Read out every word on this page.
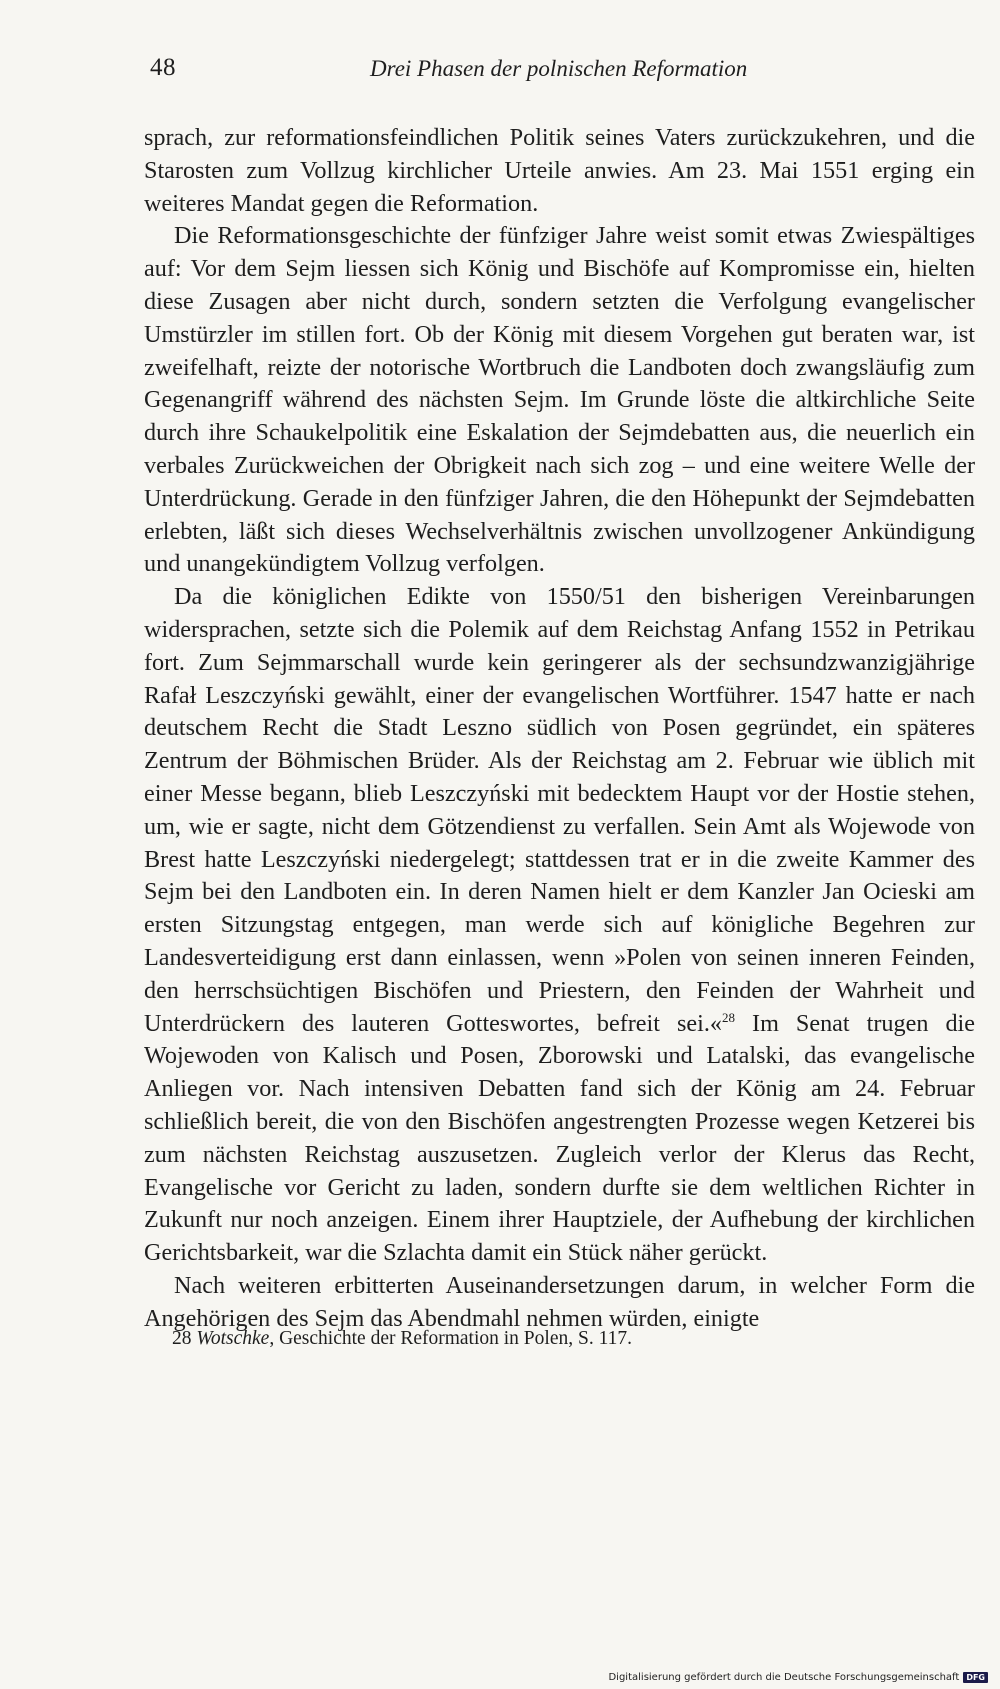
48	Drei Phasen der polnischen Reformation

sprach, zur reformationsfeindlichen Politik seines Vaters zurückzukehren, und die Starosten zum Vollzug kirchlicher Urteile anwies. Am 23. Mai 1551 erging ein weiteres Mandat gegen die Reformation.

Die Reformationsgeschichte der fünfziger Jahre weist somit etwas Zwiespältiges auf: Vor dem Sejm liessen sich König und Bischöfe auf Kompromisse ein, hielten diese Zusagen aber nicht durch, sondern setzten die Verfolgung evangelischer Umstürzler im stillen fort. Ob der König mit diesem Vorgehen gut beraten war, ist zweifelhaft, reizte der notorische Wortbruch die Landboten doch zwangsläufig zum Gegenangriff während des nächsten Sejm. Im Grunde löste die altkirchliche Seite durch ihre Schaukelpolitik eine Eskalation der Sejmdebatten aus, die neuerlich ein verbales Zurückweichen der Obrigkeit nach sich zog – und eine weitere Welle der Unterdrückung. Gerade in den fünfziger Jahren, die den Höhepunkt der Sejmdebatten erlebten, läßt sich dieses Wechselverhältnis zwischen unvollzogener Ankündigung und unangekündigtem Vollzug verfolgen.

Da die königlichen Edikte von 1550/51 den bisherigen Vereinbarungen widersprachen, setzte sich die Polemik auf dem Reichstag Anfang 1552 in Petrikau fort. Zum Sejmmarschall wurde kein geringerer als der sechsundzwanzigjährige Rafał Leszczyński gewählt, einer der evangelischen Wortführer. 1547 hatte er nach deutschem Recht die Stadt Leszno südlich von Posen gegründet, ein späteres Zentrum der Böhmischen Brüder. Als der Reichstag am 2. Februar wie üblich mit einer Messe begann, blieb Leszczyński mit bedecktem Haupt vor der Hostie stehen, um, wie er sagte, nicht dem Götzendienst zu verfallen. Sein Amt als Wojewode von Brest hatte Leszczyński niedergelegt; stattdessen trat er in die zweite Kammer des Sejm bei den Landboten ein. In deren Namen hielt er dem Kanzler Jan Ocieski am ersten Sitzungstag entgegen, man werde sich auf königliche Begehren zur Landesverteidigung erst dann einlassen, wenn »Polen von seinen inneren Feinden, den herrschsüchtigen Bischöfen und Priestern, den Feinden der Wahrheit und Unterdrückern des lauteren Gotteswortes, befreit sei.«$^{28}$ Im Senat trugen die Wojewoden von Kalisch und Posen, Zborowski und Latalski, das evangelische Anliegen vor. Nach intensiven Debatten fand sich der König am 24. Februar schließlich bereit, die von den Bischöfen angestrengten Prozesse wegen Ketzerei bis zum nächsten Reichstag auszusetzen. Zugleich verlor der Klerus das Recht, Evangelische vor Gericht zu laden, sondern durfte sie dem weltlichen Richter in Zukunft nur noch anzeigen. Einem ihrer Hauptziele, der Aufhebung der kirchlichen Gerichtsbarkeit, war die Szlachta damit ein Stück näher gerückt.

Nach weiteren erbitterten Auseinandersetzungen darum, in welcher Form die Angehörigen des Sejm das Abendmahl nehmen würden, einigte

28 Wotschke, Geschichte der Reformation in Polen, S. 117.
Digitalisierung gefördert durch die Deutsche Forschungsgemeinschaft DFG
